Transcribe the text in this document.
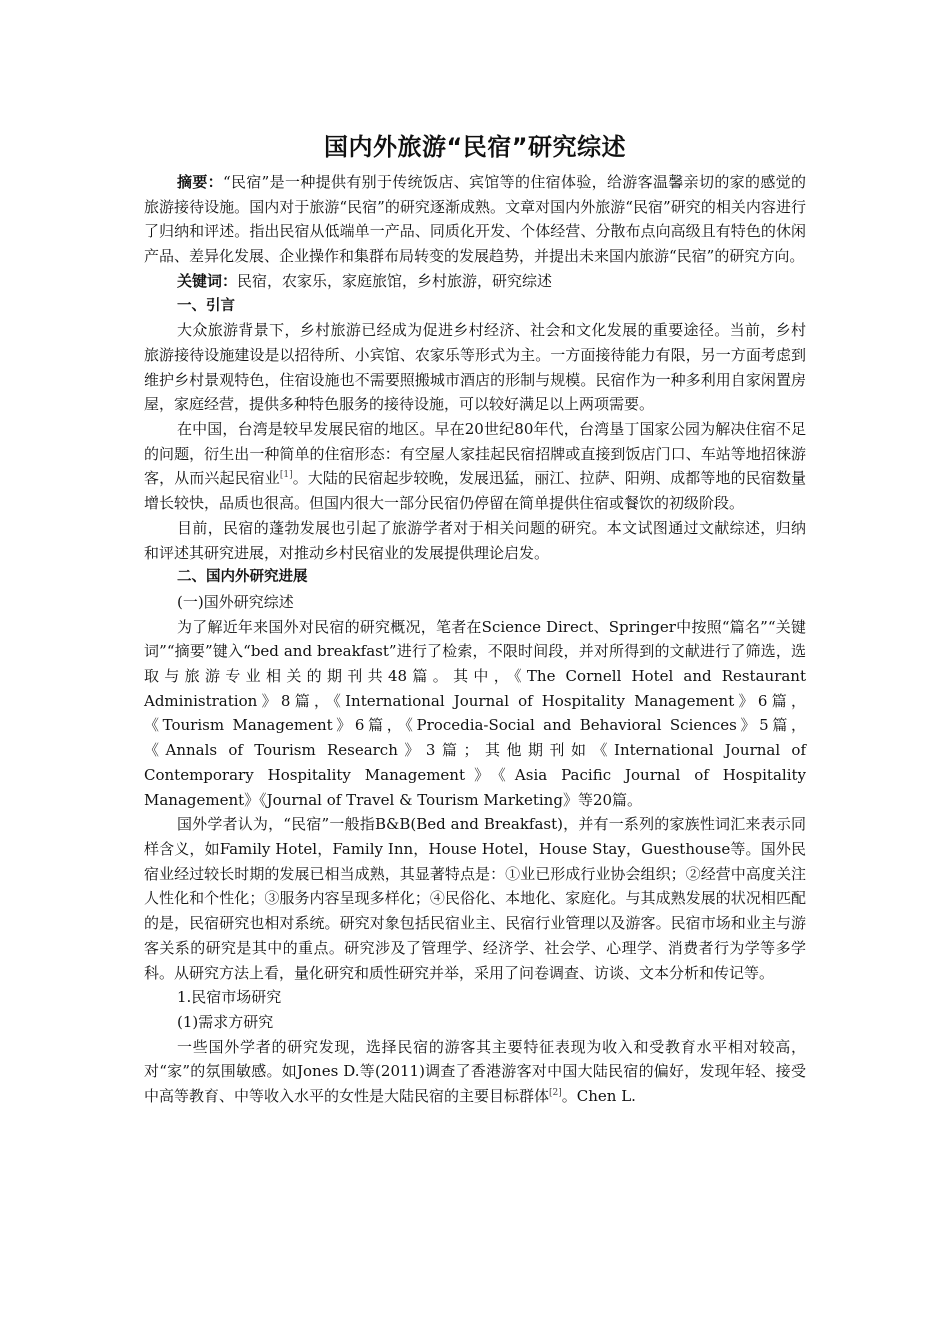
国内外旅游“民宿”研究综述

摘要：“民宿”是一种提供有别于传统饭店、宾馆等的住宿体验，给游客温馨亲切的家的感觉的旅游接待设施。国内对于旅游“民宿”的研究逐渐成熟。文章对国内外旅游“民宿”研究的相关内容进行了归纳和评述。指出民宿从低端单一产品、同质化开发、个体经营、分散布点向高级且有特色的休闲产品、差异化发展、企业操作和集群布局转变的发展趋势，并提出未来国内旅游“民宿”的研究方向。

关键词：民宿，农家乐，家庭旅馆，乡村旅游，研究综述

一、引言

大众旅游背景下，乡村旅游已经成为促进乡村经济、社会和文化发展的重要途径。当前，乡村旅游接待设施建设是以招待所、小宾馆、农家乐等形式为主。一方面接待能力有限，另一方面考虑到维护乡村景观特色，住宿设施也不需要照搬城市酒店的形制与规模。民宿作为一种多利用自家闲置房屋，家庭经营，提供多种特色服务的接待设施，可以较好满足以上两项需要。

在中国，台湾是较早发展民宿的地区。早在20世纪80年代，台湾垦丁国家公园为解决住宿不足的问题，衍生出一种简单的住宿形态：有空屋人家挂起民宿招牌或直接到饭店门口、车站等地招徕游客，从而兴起民宿业[1]。大陆的民宿起步较晚，发展迅猛，丽江、拉萨、阳朔、成都等地的民宿数量增长较快，品质也很高。但国内很大一部分民宿仍停留在简单提供住宿或餐饮的初级阶段。

目前，民宿的蓬勃发展也引起了旅游学者对于相关问题的研究。本文试图通过文献综述，归纳和评述其研究进展，对推动乡村民宿业的发展提供理论启发。

二、国内外研究进展

(一)国外研究综述

为了解近年来国外对民宿的研究概况，笔者在Science Direct、Springer中按照“篇名”“关键词”“摘要”键入“bed and breakfast”进行了检索，不限时间段，并对所得到的文献进行了筛选，选取与旅游专业相关的期刊共48篇。其中，《The Cornell Hotel and Restaurant Administration》8篇，《International Journal of Hospitality Management》6篇，《Tourism Management》6篇，《Procedia-Social and Behavioral Sciences》5篇，《Annals of Tourism Research》3篇；其他期刊如《International Journal of Contemporary Hospitality Management》《Asia Pacific Journal of Hospitality Management》《Journal of Travel & Tourism Marketing》等20篇。

国外学者认为，“民宿”一般指B&B(Bed and Breakfast)，并有一系列的家族性词汇来表示同样含义，如Family Hotel，Family Inn，House Hotel，House Stay，Guesthouse等。国外民宿业经过较长时期的发展已相当成熟，其显著特点是：①业已形成行业协会组织；②经营中高度关注人性化和个性化；③服务内容呈现多样化；④民俗化、本地化、家庭化。与其成熟发展的状况相匹配的是，民宿研究也相对系统。研究对象包括民宿业主、民宿行业管理以及游客。民宿市场和业主与游客关系的研究是其中的重点。研究涉及了管理学、经济学、社会学、心理学、消费者行为学等多学科。从研究方法上看，量化研究和质性研究并举，采用了问卷调查、访谈、文本分析和传记等。

1.民宿市场研究

(1)需求方研究

一些国外学者的研究发现，选择民宿的游客其主要特征表现为收入和受教育水平相对较高，对“家”的氛围敏感。如Jones D.等(2011)调查了香港游客对中国大陆民宿的偏好，发现年轻、接受中高等教育、中等收入水平的女性是大陆民宿的主要目标群体[2]。Chen L.
